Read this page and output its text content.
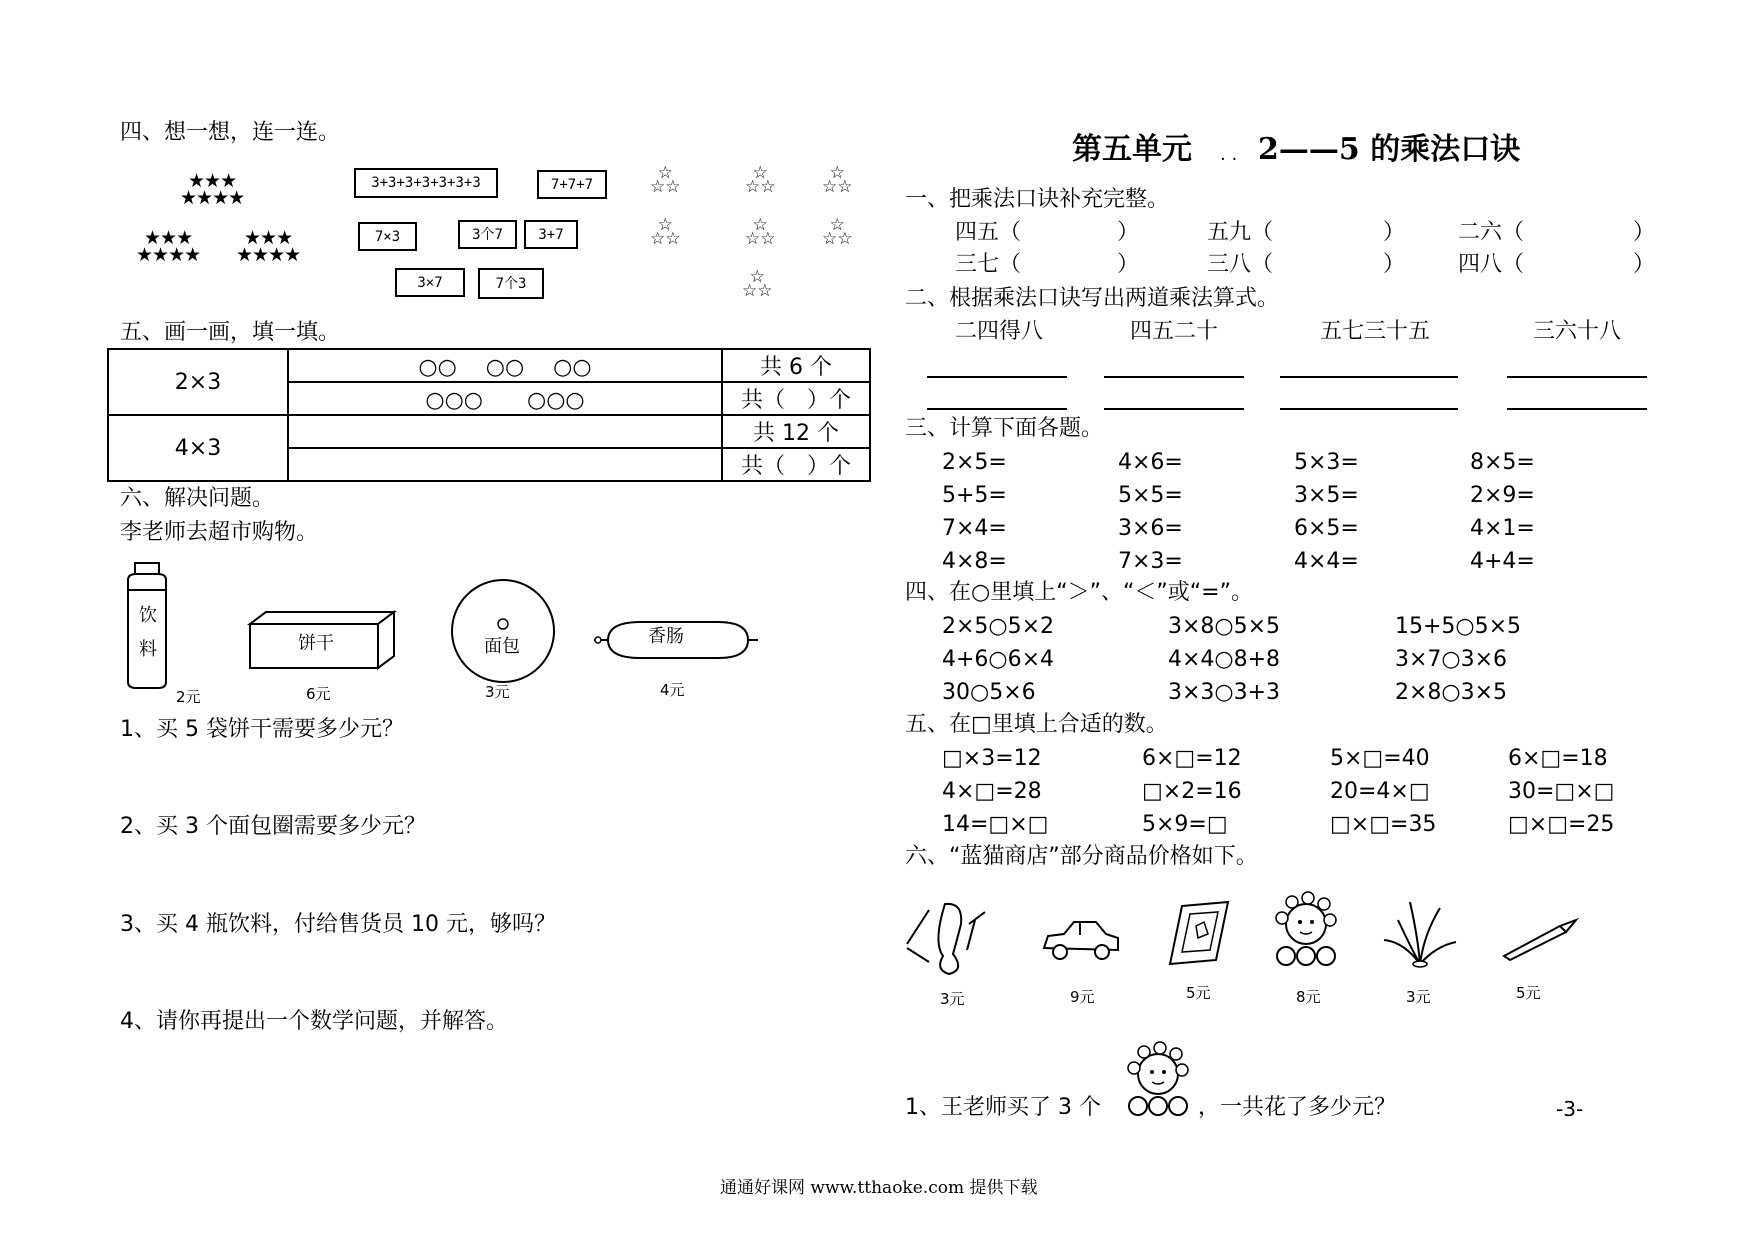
四、想一想，连一连。
★★★
★★★★
★★★
★★★★
★★★
★★★★
3+3+3+3+3+3+3	7+7+7
7×3	3个7	3+7
3×7	7个3
☆
☆☆
☆
☆☆
☆
☆☆
☆
☆☆
☆
☆☆
☆
☆☆
☆
☆☆
五、画一画，填一填。
2×3	○○　 ○○　 ○○	共 6 个
	○○○　　○○○	共（　）个
4×3		共 12 个
		共（　）个
六、解决问题。
李老师去超市购物。
饮
料
2元
饼干
6元
面包
3元
香肠
4元
1、买 5 袋饼干需要多少元？
2、买 3 个面包圈需要多少元？
3、买 4 瓶饮料，付给售货员 10 元，够吗？
4、请你再提出一个数学问题，并解答。
第五单元 . . 2——5 的乘法口诀
一、把乘法口诀补充完整。
四五（	）	五九（	） 二六（	）
三七（	）	三八（	） 四八（	）
二、根据乘法口诀写出两道乘法算式。
二四得八	四五二十	五七三十五	三六十八
三、计算下面各题。
2×5=	4×6=	5×3=	8×5=
5+5=	5×5=	3×5=	2×9=
7×4=	3×6=	6×5=	4×1=
4×8=	7×3=	4×4=	4+4=
四、在○里填上“＞”、“＜”或“=”。
2×5○5×2	3×8○5×5	15+5○5×5
4+6○6×4	4×4○8+8	3×7○3×6
30○5×6	3×3○3+3	2×8○3×5
五、在□里填上合适的数。
□×3=12	6×□=12	5×□=40	6×□=18
4×□=28	□×2=16	20=4×□	30=□×□
14=□×□	5×9=□	□×□=35	□×□=25
六、“蓝猫商店”部分商品价格如下。
3元	9元	5元	8元	3元	5元
1、王老师买了 3 个	，一共花了多少元？	-3-
通通好课网 www.tthaoke.com 提供下载
